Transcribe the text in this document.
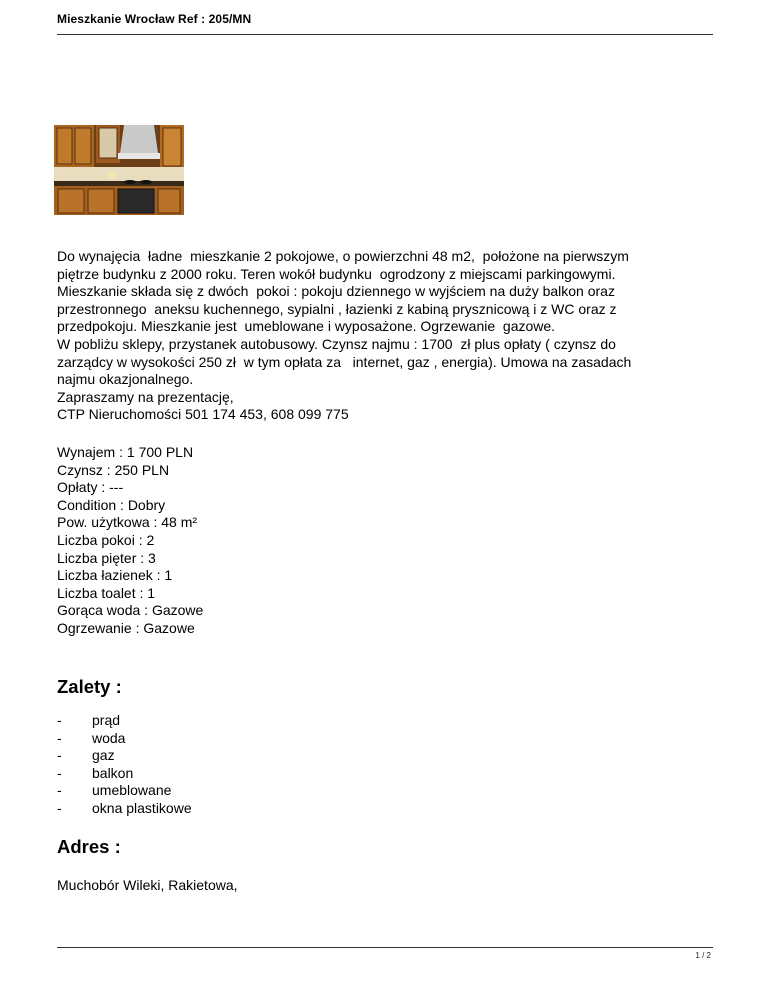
Mieszkanie Wrocław Ref : 205/MN

Do wynajęcia  ładne  mieszkanie 2 pokojowe, o powierzchni 48 m2,  położone na pierwszym

piętrze budynku z 2000 roku. Teren wokół budynku  ogrodzony z miejscami parkingowymi.

Mieszkanie składa się z dwóch  pokoi : pokoju dziennego w wyjściem na duży balkon oraz

przestronnego  aneksu kuchennego, sypialni , łazienki z kabiną prysznicową i z WC oraz z

przedpokoju. Mieszkanie jest  umeblowane i wyposażone. Ogrzewanie  gazowe.

W pobliżu sklepy, przystanek autobusowy. Czynsz najmu : 1700  zł plus opłaty ( czynsz do

zarządcy w wysokości 250 zł  w tym opłata za   internet, gaz , energia). Umowa na zasadach

najmu okazjonalnego.

Zapraszamy na prezentację,

CTP Nieruchomości 501 174 453, 608 099 775

Wynajem : 1 700 PLN
Czynsz : 250 PLN
Opłaty : ---
Condition : Dobry
Pow. użytkowa : 48 m²
Liczba pokoi : 2
Liczba pięter : 3
Liczba łazienek : 1
Liczba toalet : 1
Gorąca woda : Gazowe
Ogrzewanie : Gazowe
Zalety :
-	prąd
-	woda
-	gaz
-	balkon
-	umeblowane
-	okna plastikowe
Adres :
Muchobór Wileki, Rakietowa,
1 / 2
